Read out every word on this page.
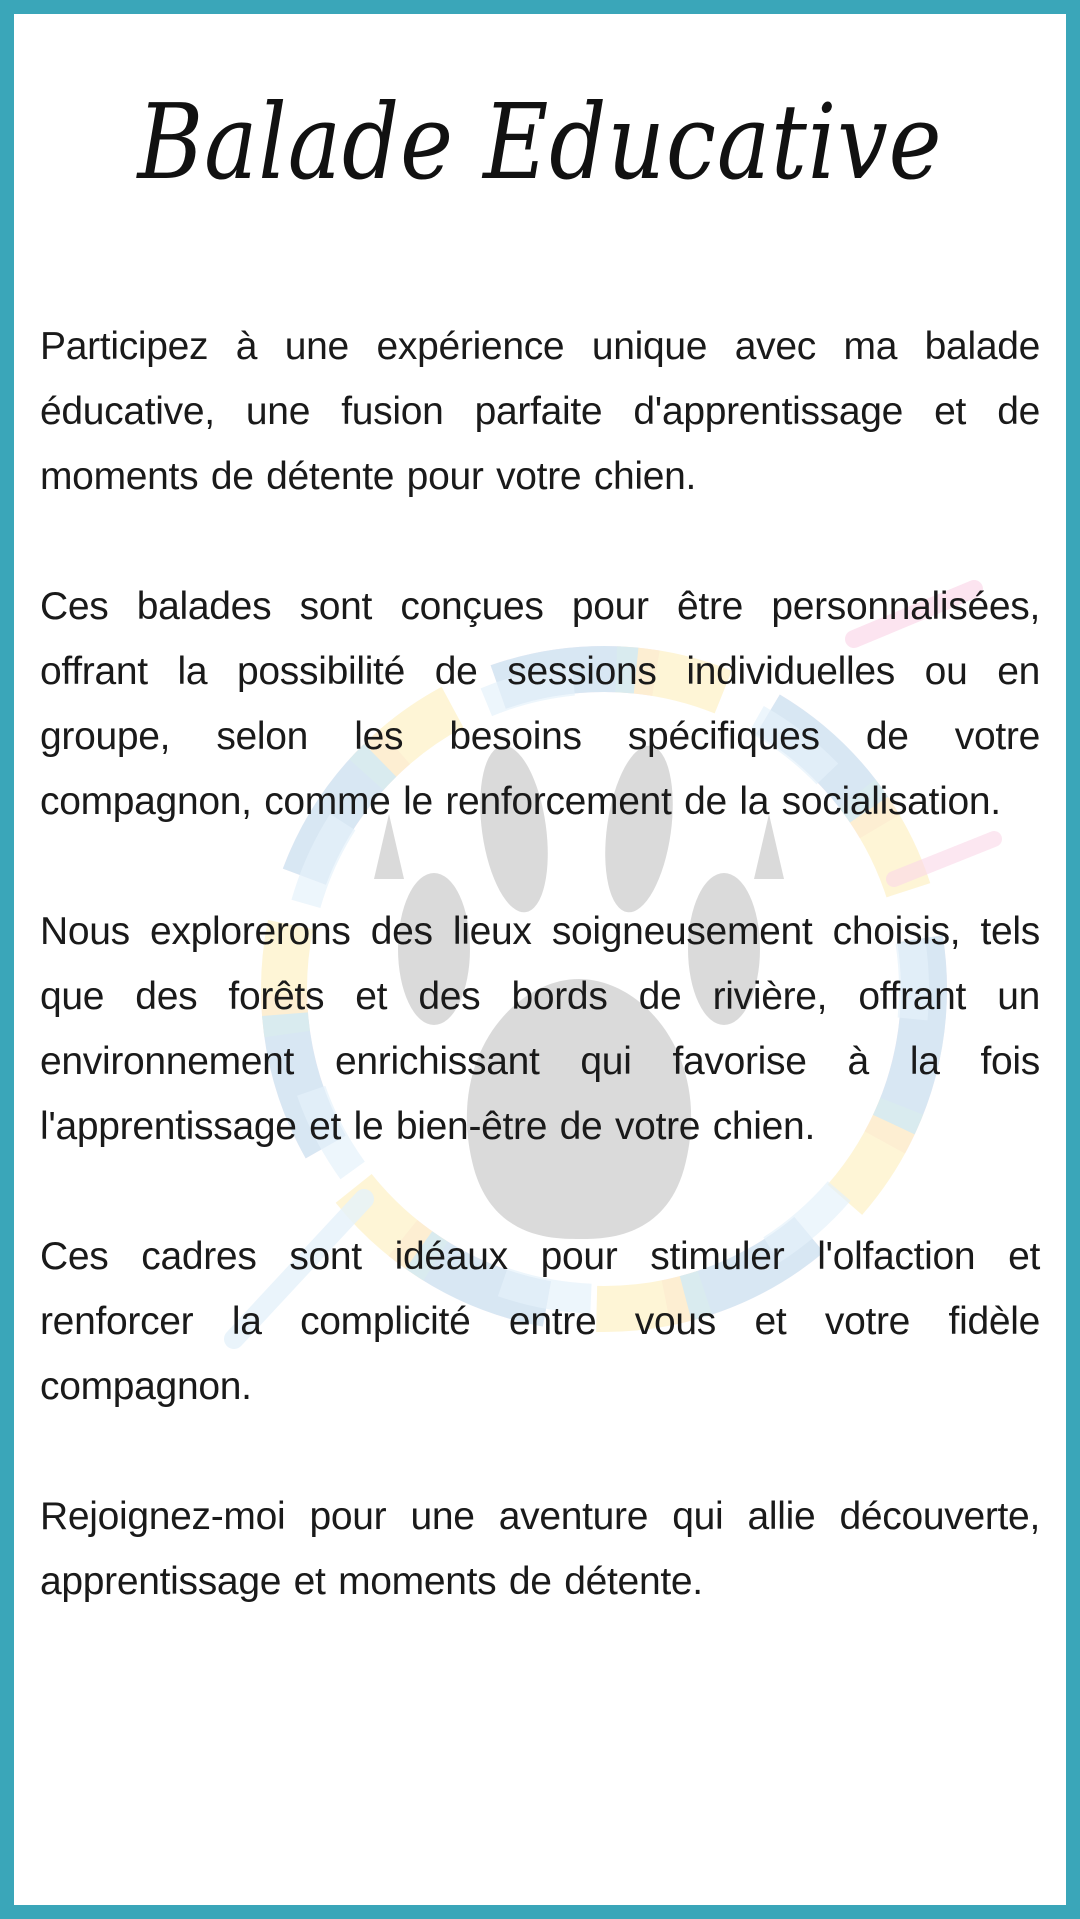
Balade Educative

Participez à une expérience unique avec ma balade éducative, une fusion parfaite d'apprentissage et de moments de détente pour votre chien.

Ces balades sont conçues pour être personnalisées, offrant la possibilité de sessions individuelles ou en groupe, selon les besoins spécifiques de votre compagnon, comme le renforcement de la socialisation.

Nous explorerons des lieux soigneusement choisis, tels que des forêts et des bords de rivière, offrant un environnement enrichissant qui favorise à la fois l'apprentissage et le bien-être de votre chien.

Ces cadres sont idéaux pour stimuler l'olfaction et renforcer la complicité entre vous et votre fidèle compagnon.

Rejoignez-moi pour une aventure qui allie découverte, apprentissage et moments de détente.
